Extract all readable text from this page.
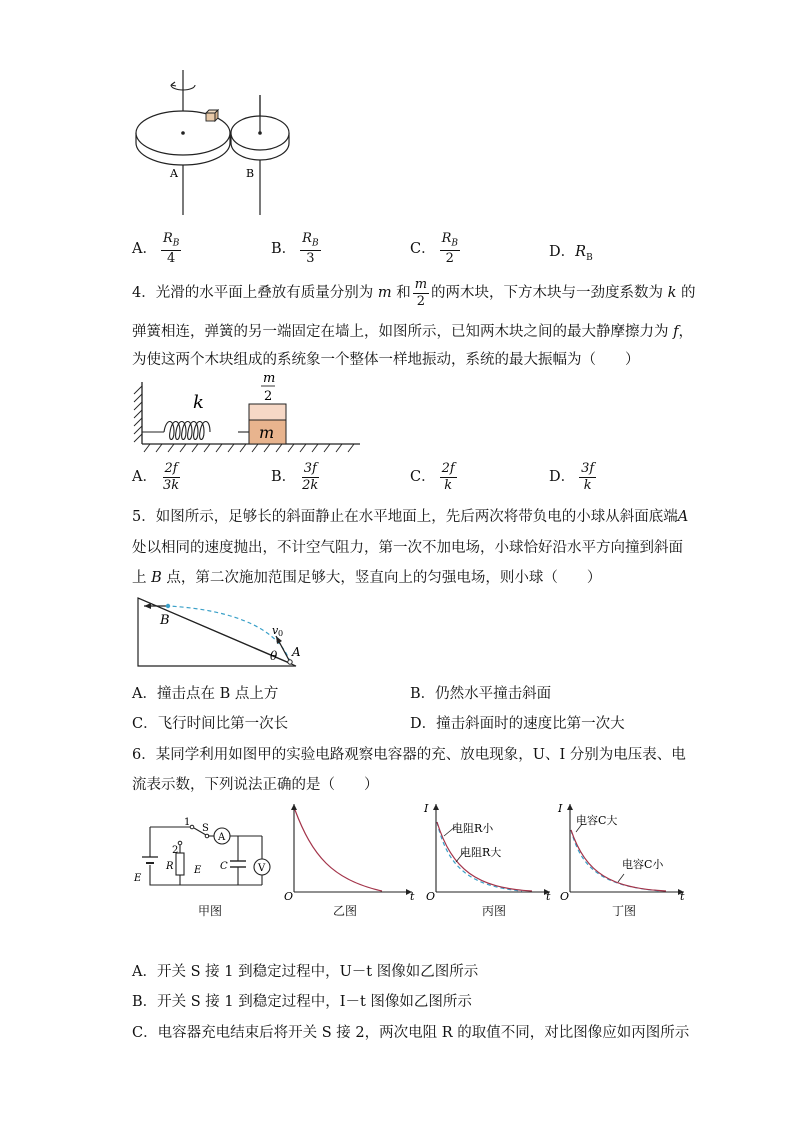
A	B
A． $\frac{R_B}{4}$	B． $\frac{R_B}{3}$	C． $\frac{R_B}{2}$	D．$R_B$
4．光滑的水平面上叠放有质量分别为 m 和 $\frac{m}{2}$ 的两木块，下方木块与一劲度系数为 k 的
弹簧相连，弹簧的另一端固定在墙上，如图所示，已知两木块之间的最大静摩擦力为 f，
为使这两个木块组成的系统象一个整体一样地振动，系统的最大振幅为（　　）
k
m
m
2
A． $\frac{2f}{3k}$	B． $\frac{3f}{2k}$	C． $\frac{2f}{k}$	D． $\frac{3f}{k}$
5．如图所示，足够长的斜面静止在水平地面上，先后两次将带负电的小球从斜面底端A
处以相同的速度抛出，不计空气阻力，第一次不加电场，小球恰好沿水平方向撞到斜面
上 B 点，第二次施加范围足够大，竖直向上的匀强电场，则小球（　　）
B
A
v 0
θ
A．撞击点在 B 点上方	B．仍然水平撞击斜面
C．飞行时间比第一次长	D．撞击斜面时的速度比第一次大
6．某同学利用如图甲的实验电路观察电容器的充、放电现象，U、I 分别为电压表、电
流表示数，下列说法正确的是（　　）
S
1
2
R E
E
C
A
V
甲图
O	t
乙图
I
O	t
电阻R小
电阻R大
丙图
I
O	t
电容C大
电容C小
丁图
A．开关 S 接 1 到稳定过程中，U－t 图像如乙图所示
B．开关 S 接 1 到稳定过程中，I－t 图像如乙图所示
C．电容器充电结束后将开关 S 接 2，两次电阻 R 的取值不同，对比图像应如丙图所示
